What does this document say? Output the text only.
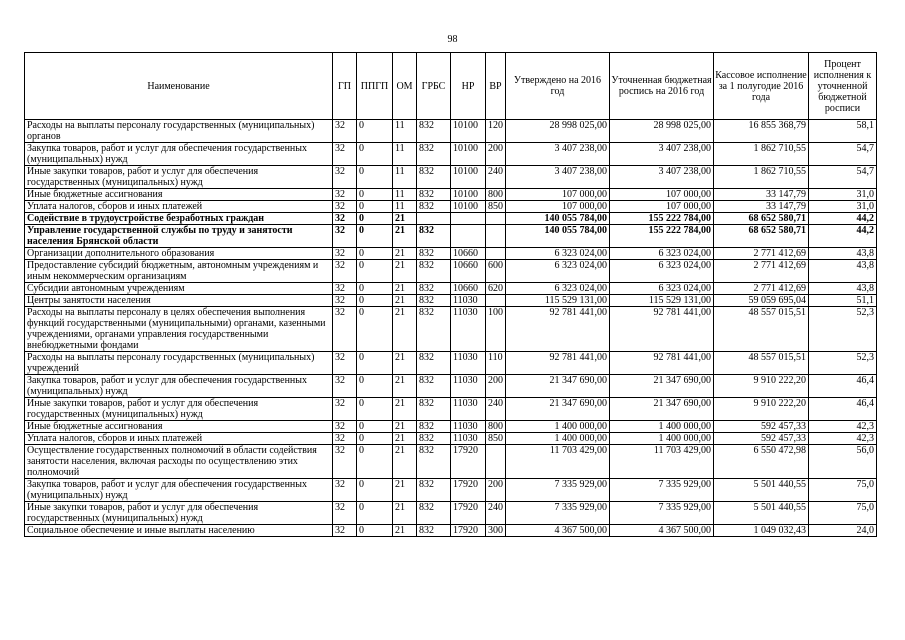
98
Наименование	ГП	ППГП	ОМ	ГРБС	НР	ВР	Утверждено на 2016 год	Уточненная бюджетная роспись на 2016 год	Кассовое исполнение за 1 полугодие 2016 года	Процент исполнения к уточненной бюджетной росписи
Расходы на выплаты персоналу государственных (муниципальных) органов	32	0	11	832	10100	120	28 998 025,00	28 998 025,00	16 855 368,79	58,1
Закупка товаров, работ и услуг для обеспечения государственных (муниципальных) нужд	32	0	11	832	10100	200	3 407 238,00	3 407 238,00	1 862 710,55	54,7
Иные закупки товаров, работ и услуг для обеспечения государственных (муниципальных) нужд	32	0	11	832	10100	240	3 407 238,00	3 407 238,00	1 862 710,55	54,7
Иные бюджетные ассигнования	32	0	11	832	10100	800	107 000,00	107 000,00	33 147,79	31,0
Уплата налогов, сборов и иных платежей	32	0	11	832	10100	850	107 000,00	107 000,00	33 147,79	31,0
Содействие в трудоустройстве безработных граждан	32	0	21				140 055 784,00	155 222 784,00	68 652 580,71	44,2
Управление государственной службы по труду и занятости населения Брянской области	32	0	21	832			140 055 784,00	155 222 784,00	68 652 580,71	44,2
Организации дополнительного образования	32	0	21	832	10660		6 323 024,00	6 323 024,00	2 771 412,69	43,8
Предоставление субсидий бюджетным, автономным учреждениям и иным некоммерческим организациям	32	0	21	832	10660	600	6 323 024,00	6 323 024,00	2 771 412,69	43,8
Субсидии автономным учреждениям	32	0	21	832	10660	620	6 323 024,00	6 323 024,00	2 771 412,69	43,8
Центры занятости населения	32	0	21	832	11030		115 529 131,00	115 529 131,00	59 059 695,04	51,1
Расходы на выплаты персоналу в целях обеспечения выполнения функций государственными (муниципальными) органами, казенными учреждениями, органами управления государственными внебюджетными фондами	32	0	21	832	11030	100	92 781 441,00	92 781 441,00	48 557 015,51	52,3
Расходы на выплаты персоналу государственных (муниципальных) учреждений	32	0	21	832	11030	110	92 781 441,00	92 781 441,00	48 557 015,51	52,3
Закупка товаров, работ и услуг для обеспечения государственных (муниципальных) нужд	32	0	21	832	11030	200	21 347 690,00	21 347 690,00	9 910 222,20	46,4
Иные закупки товаров, работ и услуг для обеспечения государственных (муниципальных) нужд	32	0	21	832	11030	240	21 347 690,00	21 347 690,00	9 910 222,20	46,4
Иные бюджетные ассигнования	32	0	21	832	11030	800	1 400 000,00	1 400 000,00	592 457,33	42,3
Уплата налогов, сборов и иных платежей	32	0	21	832	11030	850	1 400 000,00	1 400 000,00	592 457,33	42,3
Осуществление государственных полномочий в области содействия занятости населения, включая расходы по осуществлению этих полномочий	32	0	21	832	17920		11 703 429,00	11 703 429,00	6 550 472,98	56,0
Закупка товаров, работ и услуг для обеспечения государственных (муниципальных) нужд	32	0	21	832	17920	200	7 335 929,00	7 335 929,00	5 501 440,55	75,0
Иные закупки товаров, работ и услуг для обеспечения государственных (муниципальных) нужд	32	0	21	832	17920	240	7 335 929,00	7 335 929,00	5 501 440,55	75,0
Социальное обеспечение и иные выплаты населению	32	0	21	832	17920	300	4 367 500,00	4 367 500,00	1 049 032,43	24,0
